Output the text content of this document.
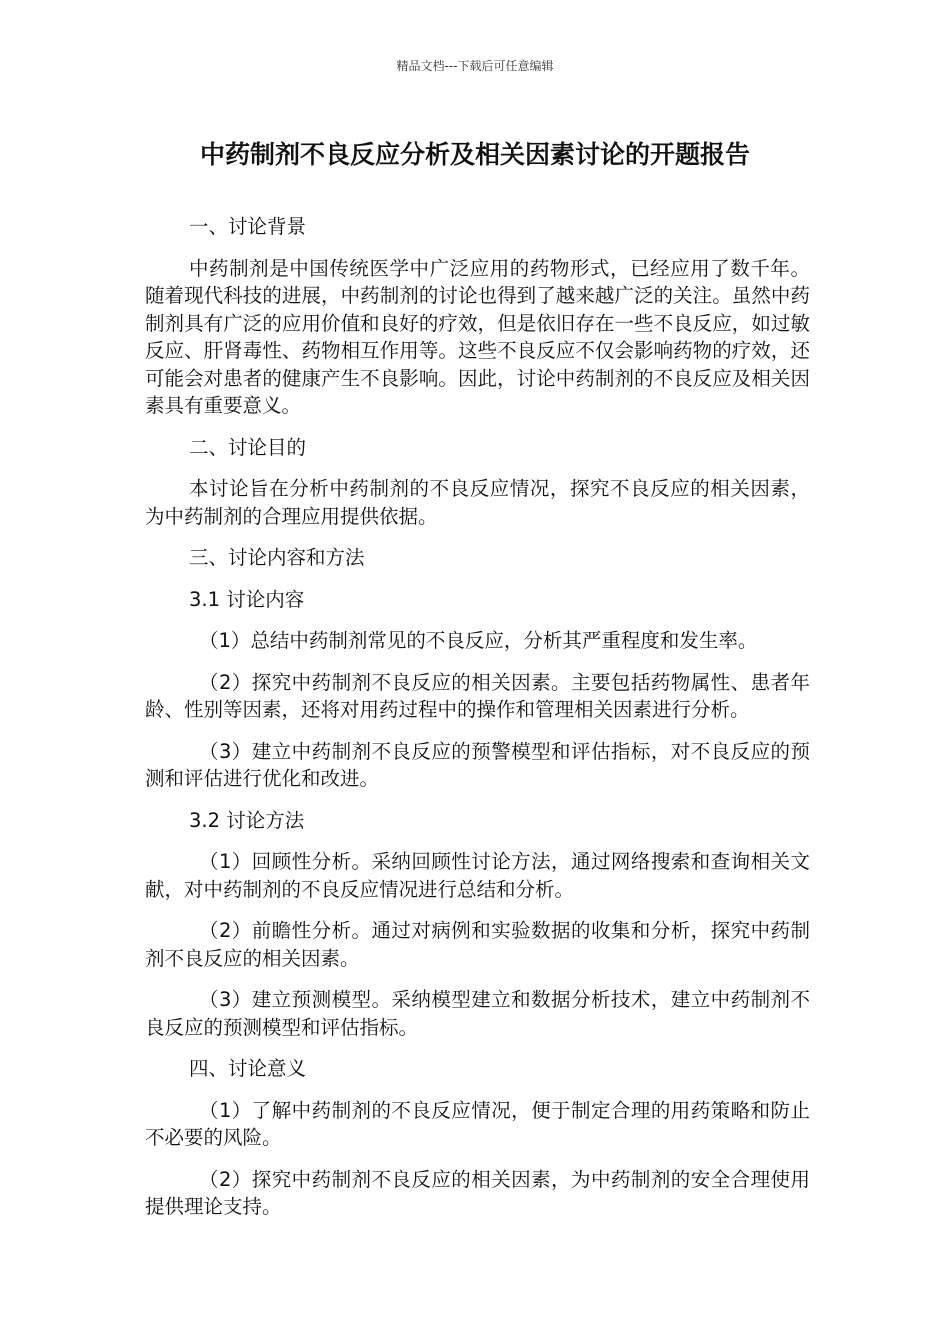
精品文档---下载后可任意编辑
中药制剂不良反应分析及相关因素讨论的开题报告

一、讨论背景

中药制剂是中国传统医学中广泛应用的药物形式，已经应用了数千年。随着现代科技的进展，中药制剂的讨论也得到了越来越广泛的关注。虽然中药制剂具有广泛的应用价值和良好的疗效，但是依旧存在一些不良反应，如过敏反应、肝肾毒性、药物相互作用等。这些不良反应不仅会影响药物的疗效，还可能会对患者的健康产生不良影响。因此，讨论中药制剂的不良反应及相关因素具有重要意义。

二、讨论目的

本讨论旨在分析中药制剂的不良反应情况，探究不良反应的相关因素，为中药制剂的合理应用提供依据。

三、讨论内容和方法

3.1 讨论内容

（1）总结中药制剂常见的不良反应，分析其严重程度和发生率。

（2）探究中药制剂不良反应的相关因素。主要包括药物属性、患者年龄、性别等因素，还将对用药过程中的操作和管理相关因素进行分析。

（3）建立中药制剂不良反应的预警模型和评估指标，对不良反应的预测和评估进行优化和改进。

3.2 讨论方法

（1）回顾性分析。采纳回顾性讨论方法，通过网络搜索和查询相关文献，对中药制剂的不良反应情况进行总结和分析。

（2）前瞻性分析。通过对病例和实验数据的收集和分析，探究中药制剂不良反应的相关因素。

（3）建立预测模型。采纳模型建立和数据分析技术，建立中药制剂不良反应的预测模型和评估指标。

四、讨论意义

（1）了解中药制剂的不良反应情况，便于制定合理的用药策略和防止不必要的风险。

（2）探究中药制剂不良反应的相关因素，为中药制剂的安全合理使用提供理论支持。
